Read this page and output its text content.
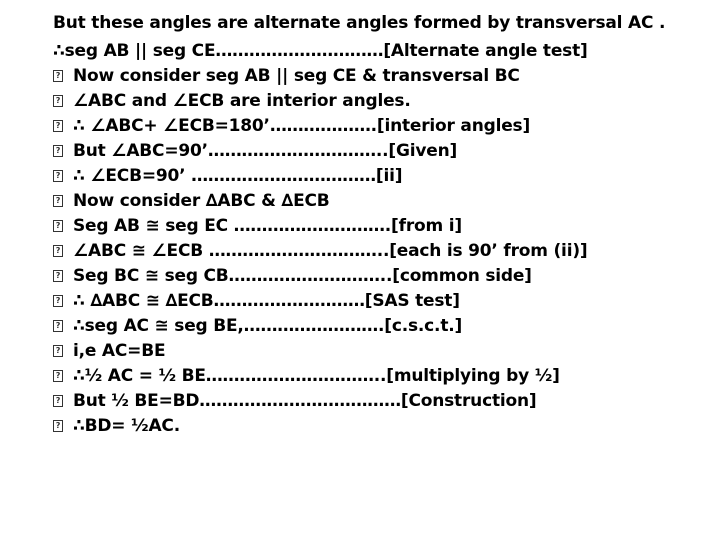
But these angles are alternate angles formed by transversal AC .
∴seg AB || seg CE…………………………[Alternate angle test]
? Now consider seg AB || seg CE & transversal BC
? ∠ABC and ∠ECB are interior angles.
? ∴ ∠ABC+ ∠ECB=180’……………….[interior angles]
? But ∠ABC=90’…………………………..[Given]
? ∴ ∠ECB=90’ ……………………………[ii]
? Now consider ∆ABC & ∆ECB
? Seg AB ≅ seg EC ……………………….[from i]
? ∠ABC ≅ ∠ECB …………………………..[each is 90’ from (ii)]
? Seg BC ≅ seg CB………………………..[common side]
? ∴ ∆ABC ≅ ∆ECB………………………[SAS test]
? ∴seg AC ≅ seg BE,…………………….[c.s.c.t.]
? i,e AC=BE
? ∴½ AC = ½ BE…………………………..[multiplying by ½]
? But ½ BE=BD………………………………[Construction]
? ∴BD= ½AC.
